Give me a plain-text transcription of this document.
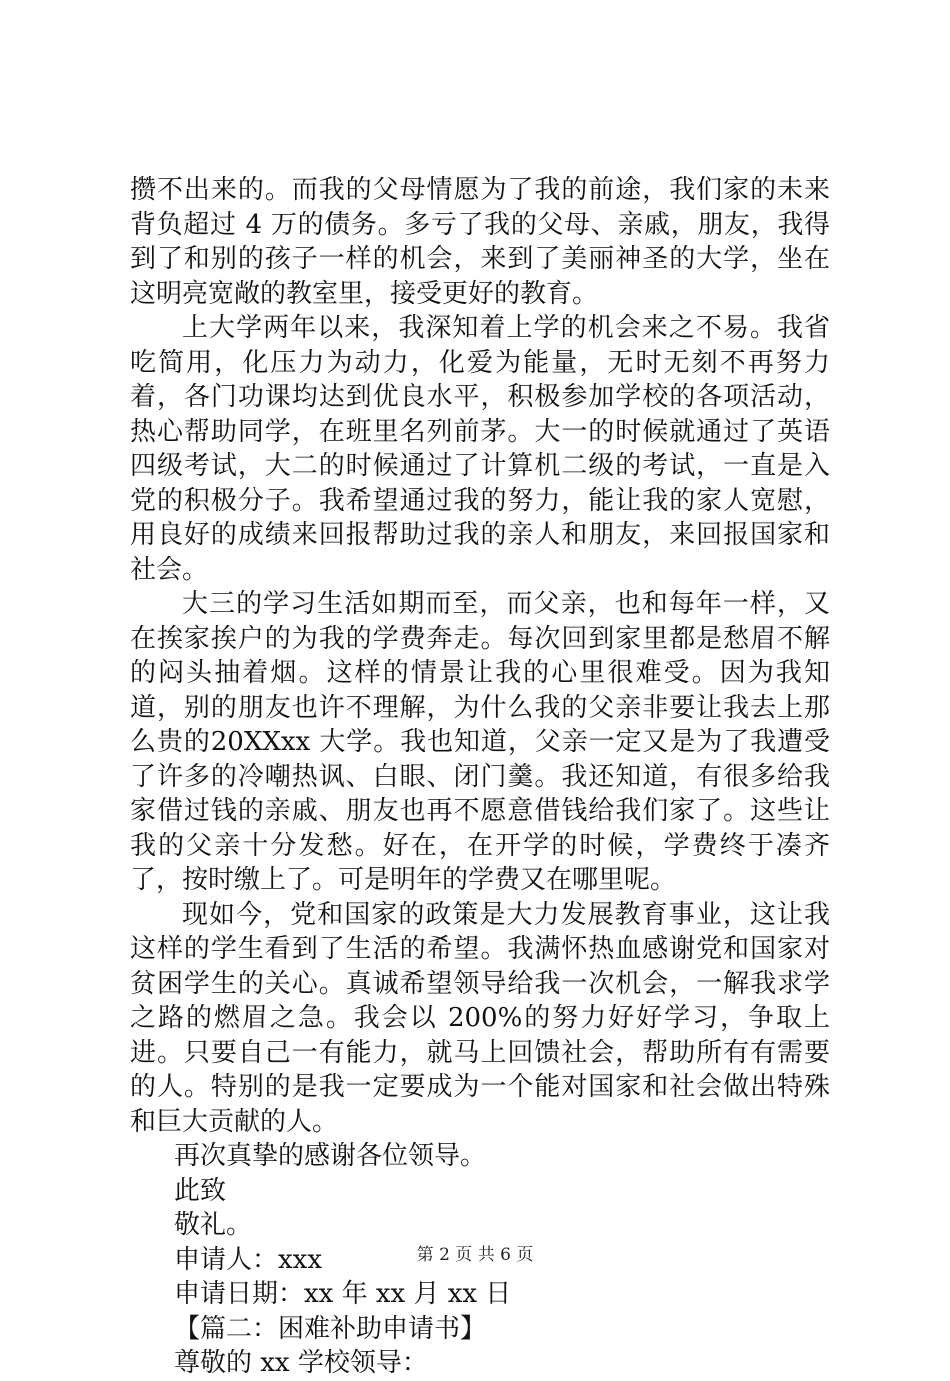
攒不出来的。而我的父母情愿为了我的前途，我们家的未来背负超过 4 万的债务。多亏了我的父母、亲戚，朋友，我得到了和别的孩子一样的机会，来到了美丽神圣的大学，坐在这明亮宽敞的教室里，接受更好的教育。

上大学两年以来，我深知着上学的机会来之不易。我省吃简用，化压力为动力，化爱为能量，无时无刻不再努力着，各门功课均达到优良水平，积极参加学校的各项活动，热心帮助同学，在班里名列前茅。大一的时候就通过了英语四级考试，大二的时候通过了计算机二级的考试，一直是入党的积极分子。我希望通过我的努力，能让我的家人宽慰，用良好的成绩来回报帮助过我的亲人和朋友，来回报国家和社会。

大三的学习生活如期而至，而父亲，也和每年一样，又在挨家挨户的为我的学费奔走。每次回到家里都是愁眉不解的闷头抽着烟。这样的情景让我的心里很难受。因为我知道，别的朋友也许不理解，为什么我的父亲非要让我去上那么贵的20XXxx 大学。我也知道，父亲一定又是为了我遭受了许多的冷嘲热讽、白眼、闭门羹。我还知道，有很多给我家借过钱的亲戚、朋友也再不愿意借钱给我们家了。这些让我的父亲十分发愁。好在，在开学的时候，学费终于凑齐了，按时缴上了。可是明年的学费又在哪里呢。

现如今，党和国家的政策是大力发展教育事业，这让我这样的学生看到了生活的希望。我满怀热血感谢党和国家对贫困学生的关心。真诚希望领导给我一次机会，一解我求学之路的燃眉之急。我会以 200%的努力好好学习，争取上进。只要自己一有能力，就马上回馈社会，帮助所有有需要的人。特别的是我一定要成为一个能对国家和社会做出特殊和巨大贡献的人。

再次真挚的感谢各位领导。

此致

敬礼。

申请人：xxx

申请日期：xx 年 xx 月 xx 日

【篇二：困难补助申请书】

尊敬的 xx 学校领导：

第 2 页 共 6 页
